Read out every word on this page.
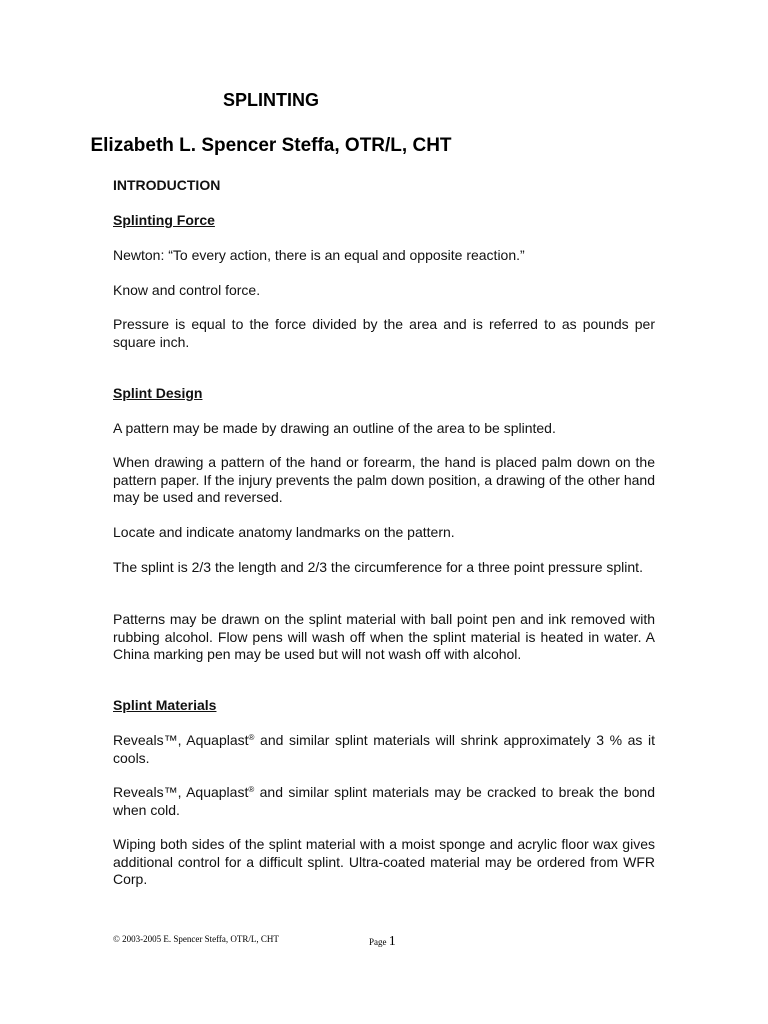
SPLINTING
Elizabeth L. Spencer Steffa, OTR/L, CHT
INTRODUCTION
Splinting Force
Newton: “To every action, there is an equal and opposite reaction.”
Know and control force.
Pressure is equal to the force divided by the area and is referred to as pounds per square inch.
Splint Design
A pattern may be made by drawing an outline of the area to be splinted.
When drawing a pattern of the hand or forearm, the hand is placed palm down on the pattern paper. If the injury prevents the palm down position, a drawing of the other hand may be used and reversed.
Locate and indicate anatomy landmarks on the pattern.
The splint is 2/3 the length and 2/3 the circumference for a three point pressure splint.
Patterns may be drawn on the splint material with ball point pen and ink removed with rubbing alcohol. Flow pens will wash off when the splint material is heated in water. A China marking pen may be used but will not wash off with alcohol.
Splint Materials
Reveals™, Aquaplast® and similar splint materials will shrink approximately 3 % as it cools.
Reveals™, Aquaplast® and similar splint materials may be cracked to break the bond when cold.
Wiping both sides of the splint material with a moist sponge and acrylic floor wax gives additional control for a difficult splint. Ultra-coated material may be ordered from WFR Corp.
© 2003-2005 E. Spencer Steffa, OTR/L, CHT	Page 1
